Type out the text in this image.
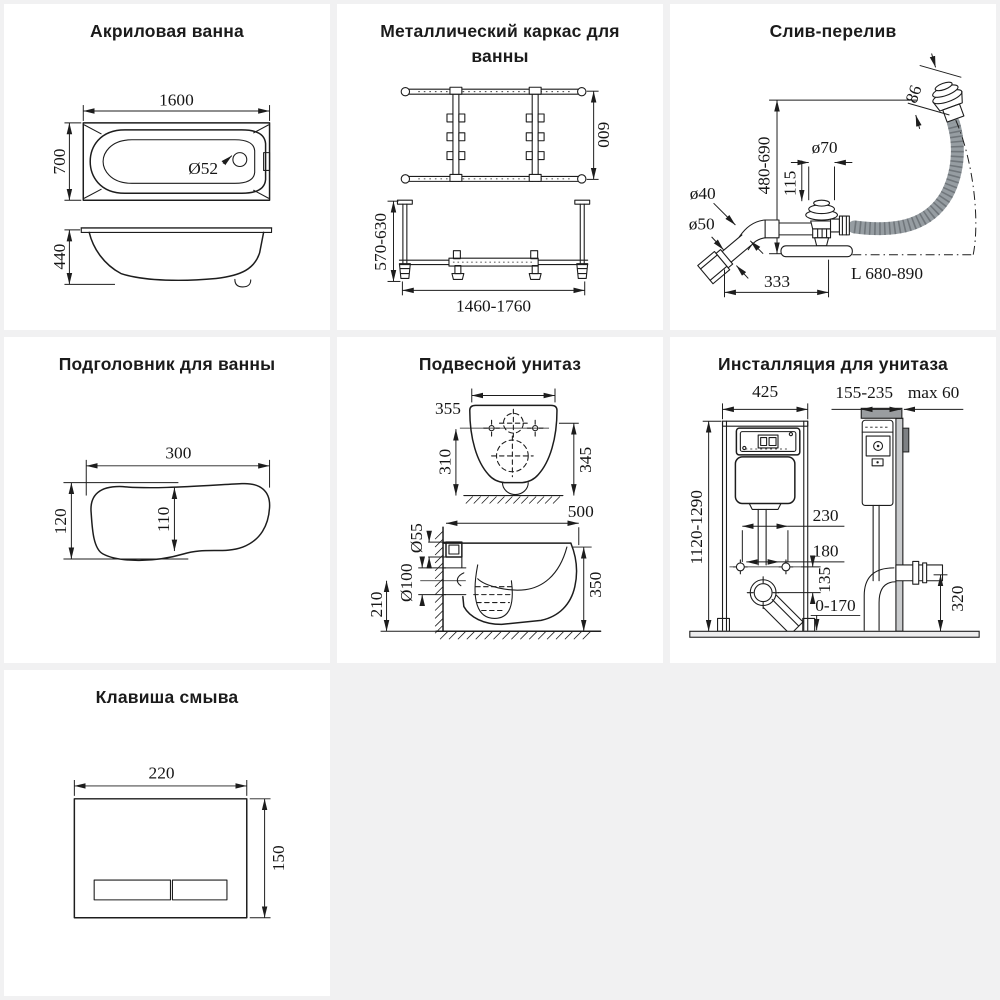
Акриловая ванна
1600
700
440
Ø52
Металлический каркас для ванны
600
570-630
1460-1760
Слив-перелив
86
480-690 ø70
115
ø40
ø50
333	L 680-890
Подголовник для ванны
300
120	110
Подвесной унитаз
355
310	345
500
Ø55
Ø100
210
350
Инсталляция для унитаза
425	155-235 max 60
1120-1290	230
180
135
0-170	320
Клавиша смыва
220
150
